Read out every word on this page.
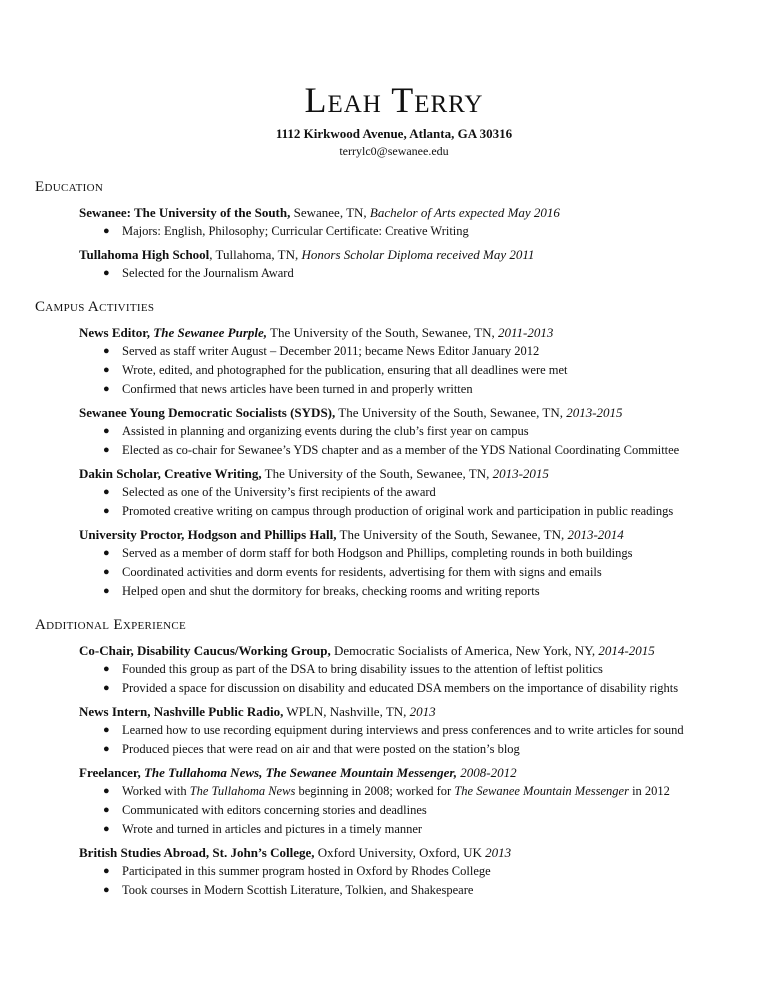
Leah Terry
1112 Kirkwood Avenue, Atlanta, GA 30316
terrylc0@sewanee.edu
Education
Sewanee: The University of the South, Sewanee, TN, Bachelor of Arts expected May 2016
● Majors: English, Philosophy; Curricular Certificate: Creative Writing
Tullahoma High School, Tullahoma, TN, Honors Scholar Diploma received May 2011
● Selected for the Journalism Award
Campus Activities
News Editor, The Sewanee Purple, The University of the South, Sewanee, TN, 2011-2013
● Served as staff writer August – December 2011; became News Editor January 2012
● Wrote, edited, and photographed for the publication, ensuring that all deadlines were met
● Confirmed that news articles have been turned in and properly written
Sewanee Young Democratic Socialists (SYDS), The University of the South, Sewanee, TN, 2013-2015
● Assisted in planning and organizing events during the club’s first year on campus
● Elected as co-chair for Sewanee’s YDS chapter and as a member of the YDS National Coordinating Committee
Dakin Scholar, Creative Writing, The University of the South, Sewanee, TN, 2013-2015
● Selected as one of the University’s first recipients of the award
● Promoted creative writing on campus through production of original work and participation in public readings
University Proctor, Hodgson and Phillips Hall, The University of the South, Sewanee, TN, 2013-2014
● Served as a member of dorm staff for both Hodgson and Phillips, completing rounds in both buildings
● Coordinated activities and dorm events for residents, advertising for them with signs and emails
● Helped open and shut the dormitory for breaks, checking rooms and writing reports
Additional Experience
Co-Chair, Disability Caucus/Working Group, Democratic Socialists of America, New York, NY, 2014-2015
● Founded this group as part of the DSA to bring disability issues to the attention of leftist politics
● Provided a space for discussion on disability and educated DSA members on the importance of disability rights
News Intern, Nashville Public Radio, WPLN, Nashville, TN, 2013
● Learned how to use recording equipment during interviews and press conferences and to write articles for sound
● Produced pieces that were read on air and that were posted on the station’s blog
Freelancer, The Tullahoma News, The Sewanee Mountain Messenger, 2008-2012
● Worked with The Tullahoma News beginning in 2008; worked for The Sewanee Mountain Messenger in 2012
● Communicated with editors concerning stories and deadlines
● Wrote and turned in articles and pictures in a timely manner
British Studies Abroad, St. John’s College, Oxford University, Oxford, UK 2013
● Participated in this summer program hosted in Oxford by Rhodes College
● Took courses in Modern Scottish Literature, Tolkien, and Shakespeare
